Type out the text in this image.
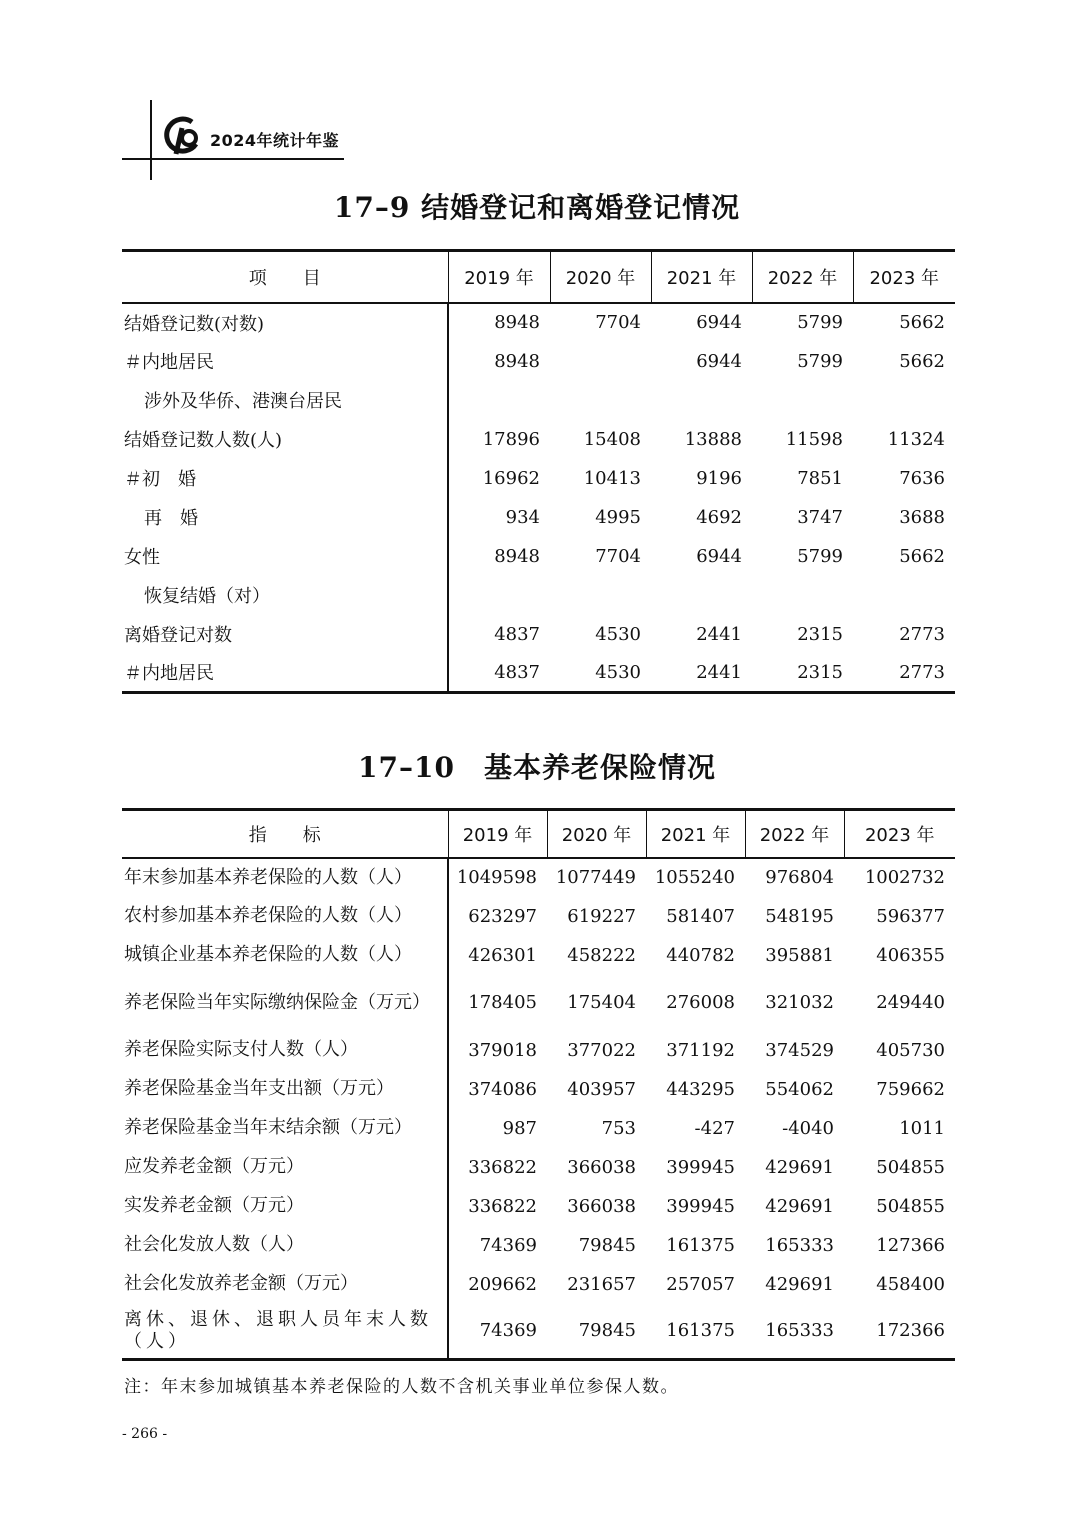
2024年统计年鉴
17–9 结婚登记和离婚登记情况
项　　目	2019 年	2020 年	2021 年	2022 年	2023 年
结婚登记数(对数)	8948	7704	6944	5799	5662
＃内地居民	8948		6944	5799	5662
涉外及华侨、港澳台居民					
结婚登记数人数(人)	17896	15408	13888	11598	11324
＃初　婚	16962	10413	9196	7851	7636
再　婚	934	4995	4692	3747	3688
女性	8948	7704	6944	5799	5662
恢复结婚（对）					
离婚登记对数	4837	4530	2441	2315	2773
＃内地居民	4837	4530	2441	2315	2773
17–10　基本养老保险情况
指　　标	2019 年	2020 年	2021 年	2022 年	2023 年
年末参加基本养老保险的人数（人）	1049598	1077449	1055240	976804	1002732
农村参加基本养老保险的人数（人）	623297	619227	581407	548195	596377
城镇企业基本养老保险的人数（人）	426301	458222	440782	395881	406355
养老保险当年实际缴纳保险金（万元）	178405	175404	276008	321032	249440
养老保险实际支付人数（人）	379018	377022	371192	374529	405730
养老保险基金当年支出额（万元）	374086	403957	443295	554062	759662
养老保险基金当年末结余额（万元）	987	753	-427	-4040	1011
应发养老金额（万元）	336822	366038	399945	429691	504855
实发养老金额（万元）	336822	366038	399945	429691	504855
社会化发放人数（人）	74369	79845	161375	165333	127366
社会化发放养老金额（万元）	209662	231657	257057	429691	458400
离休、退休、退职人员年末人数（人）	74369	79845	161375	165333	172366
注：年末参加城镇基本养老保险的人数不含机关事业单位参保人数。
- 266 -
